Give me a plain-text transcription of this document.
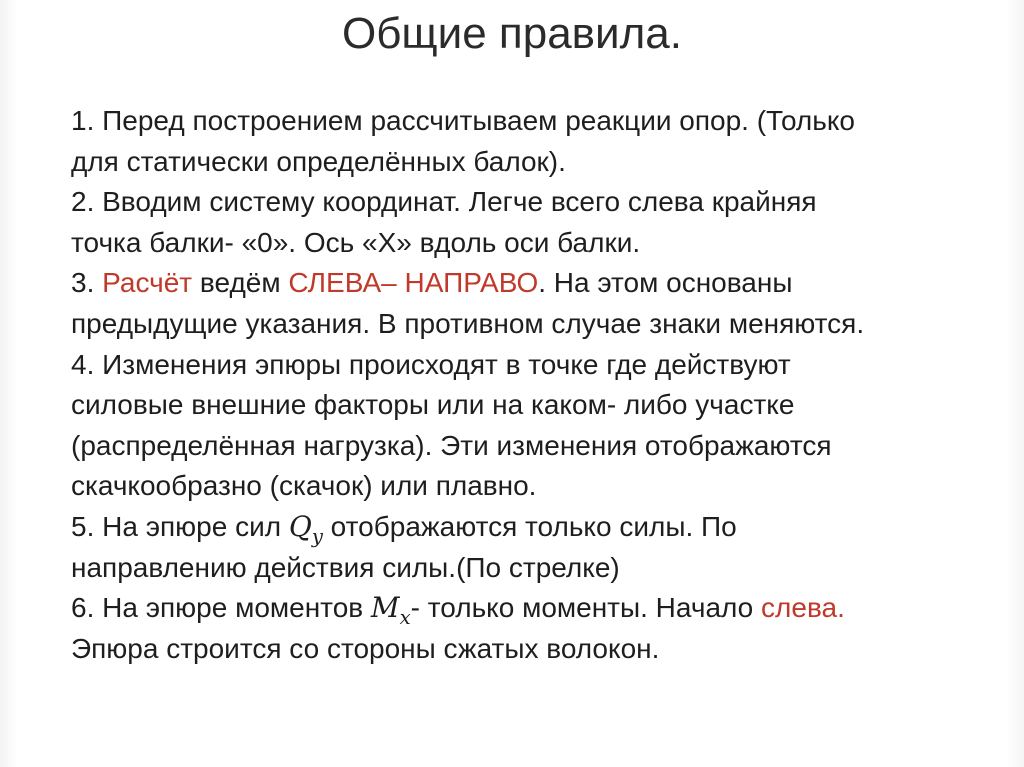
Общие правила.
1. Перед построением рассчитываем реакции опор. (Только
для статически определённых балок).
2. Вводим систему координат. Легче всего слева крайняя
точка балки- «0». Ось «Х» вдоль оси балки.
3. Расчёт ведём СЛЕВА– НАПРАВО. На этом основаны
предыдущие указания. В противном случае знаки меняются.
4. Изменения эпюры происходят в точке где действуют
силовые внешние факторы или на каком- либо участке
(распределённая нагрузка). Эти изменения отображаются
скачкообразно (скачок) или плавно.
5. На эпюре сил $Q_y$ отображаются только силы. По
направлению действия силы.(По стрелке)
6. На эпюре моментов $M_x-$ только моменты. Начало слева.
Эпюра строится со стороны сжатых волокон.
